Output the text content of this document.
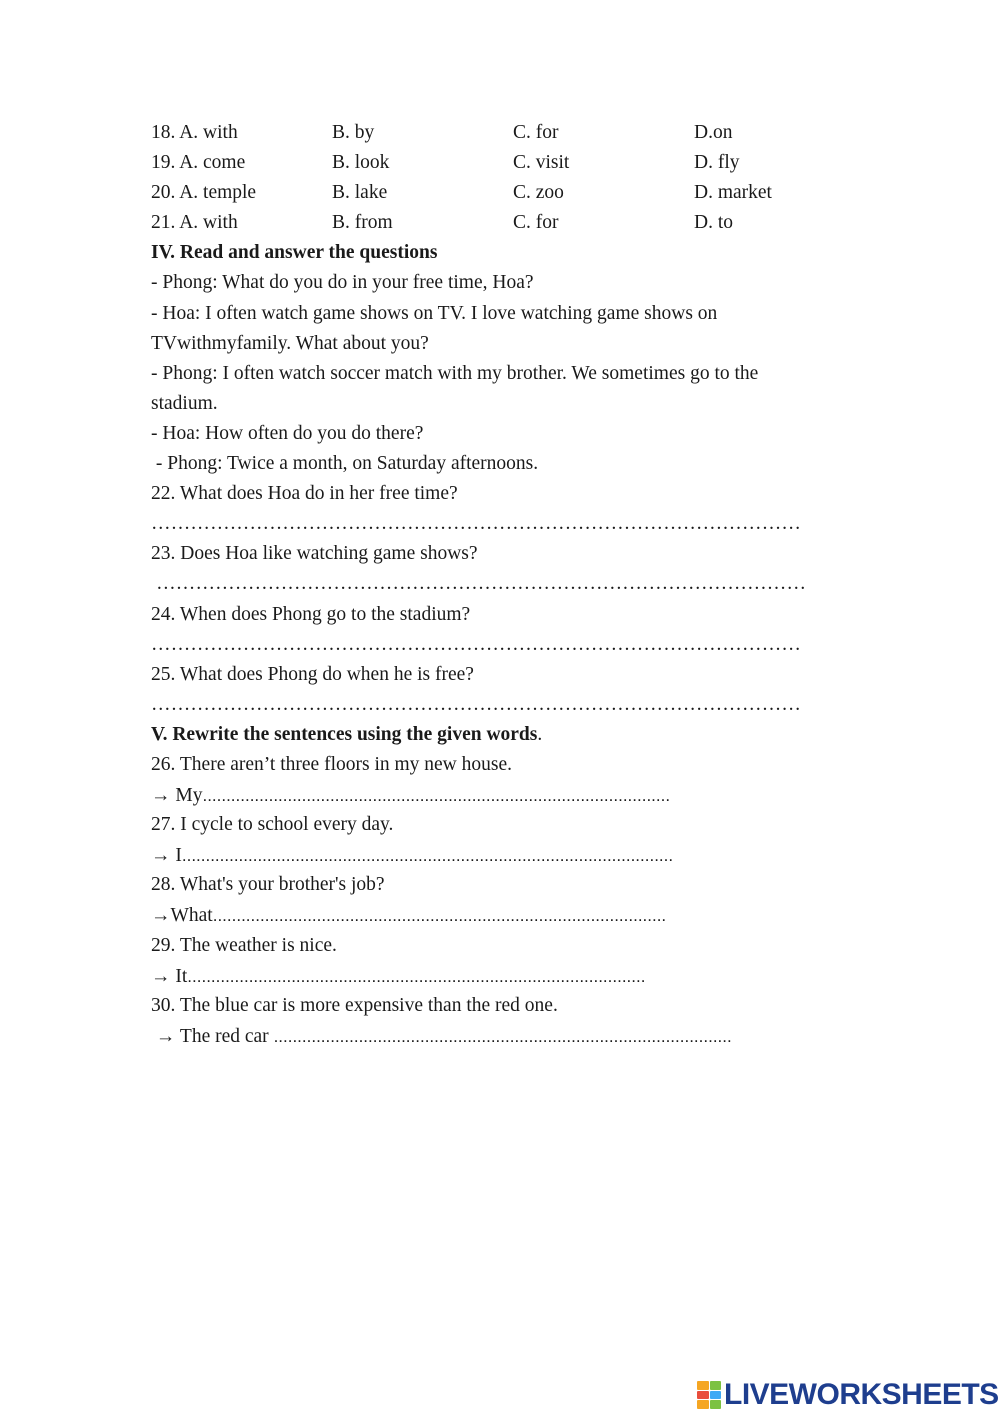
18. A. with	B. by	C. for	D.on
19. A. come	B. look	C. visit	D. fly
20. A. temple	B. lake	C. zoo	D. market
21. A. with	B. from	C. for	D. to
IV. Read and answer the questions
- Phong: What do you do in your free time, Hoa?
- Hoa: I often watch game shows on TV. I love watching game shows on
TVwithmyfamily. What about you?
- Phong: I often watch soccer match with my brother. We sometimes go to the
stadium.
- Hoa: How often do you do there?
- Phong: Twice a month, on Saturday afternoons.
22. What does Hoa do in her free time?
………………………………………………………………………………………
23. Does Hoa like watching game shows?
………………………………………………………………………………………
24. When does Phong go to the stadium?
………………………………………………………………………………………
25. What does Phong do when he is free?
………………………………………………………………………………………
V. Rewrite the sentences using the given words.
26. There aren’t three floors in my new house.
→ My...................................................................................................
27. I cycle to school every day.
→ I........................................................................................................
28. What's your brother's job?
→What................................................................................................
29. The weather is nice.
→ It.................................................................................................
30. The blue car is more expensive than the red one.
→ The red car .................................................................................................
LIVEWORKSHEETS
